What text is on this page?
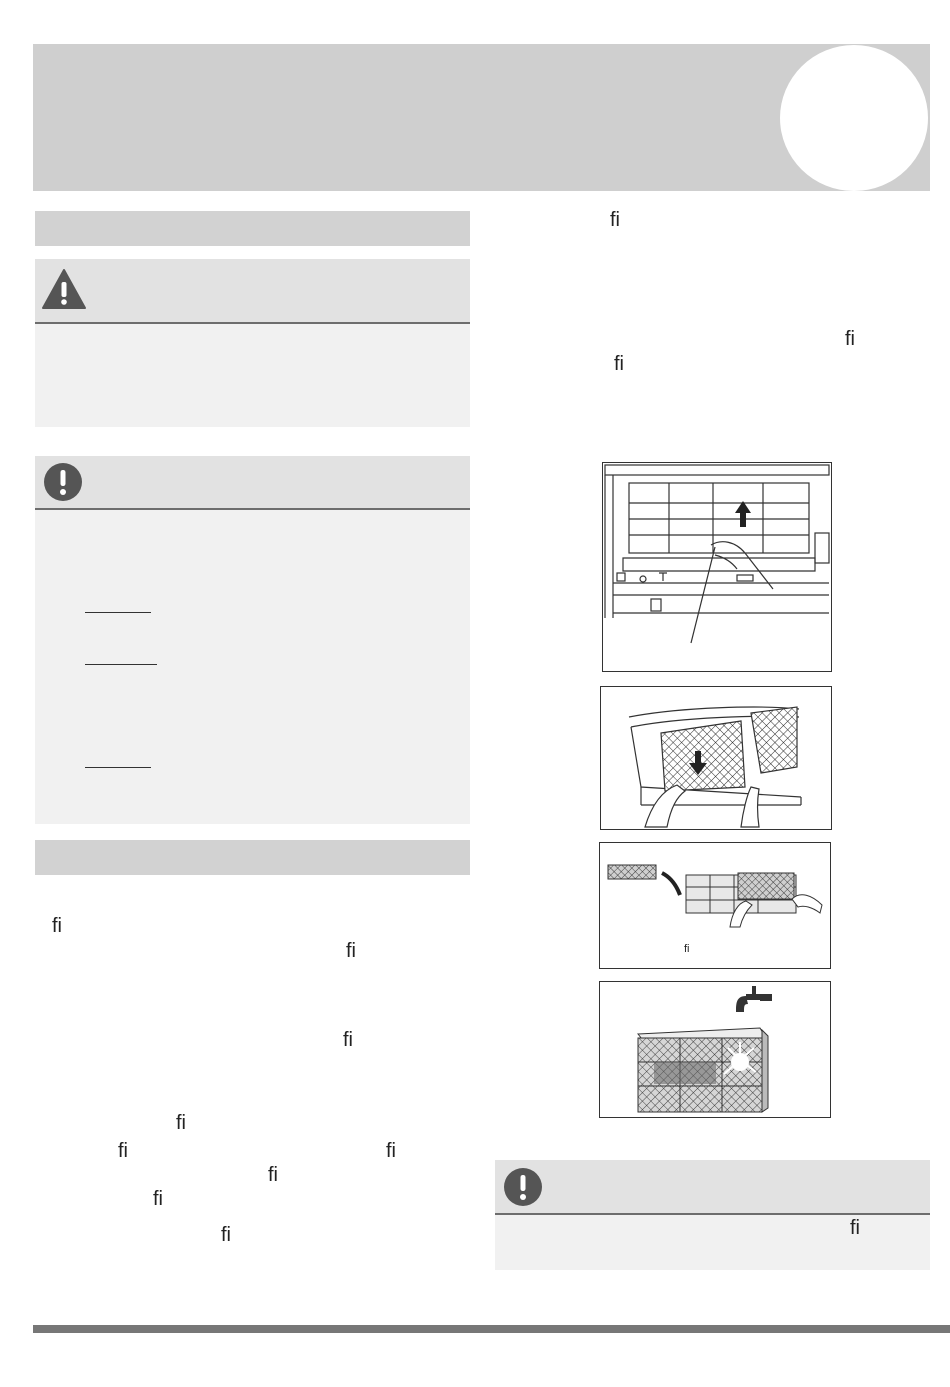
fi
fi
fi
fi
fi	fi
fi
fi
fi
fi
fi
fi
fi
fi
